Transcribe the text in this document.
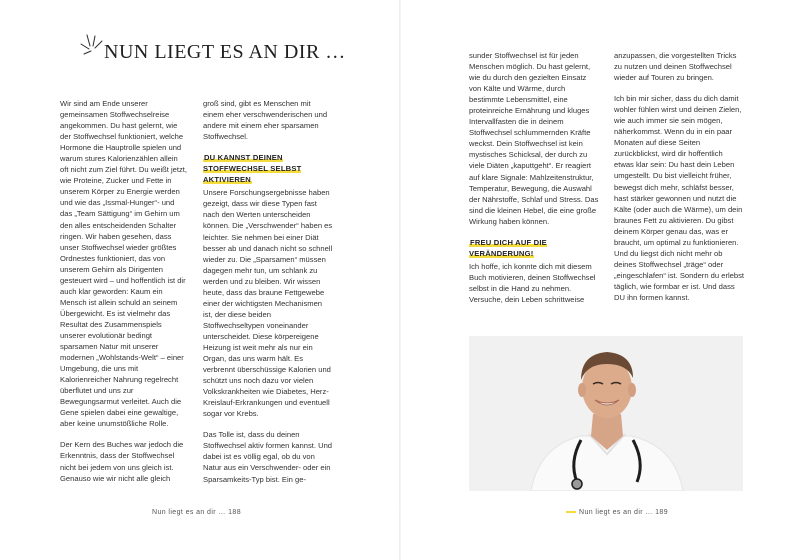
NUN LIEGT ES AN DIR …

Wir sind am Ende unserer gemeinsamen Stoffwechselreise angekommen. Du hast gelernt, wie der Stoffwechsel funktioniert, welche Hormone die Hauptrolle spielen und warum stures Kalorienzählen allein oft nicht zum Ziel führt. Du weißt jetzt, wie Proteine, Zucker und Fette in unserem Körper zu Energie werden und wie das „Issmal-Hunger“- und das „Team Sättigung“ im Gehirn um den alles entscheidenden Schalter ringen. Wir haben gesehen, dass unser Stoffwechsel wieder größtes Ordnestes funktioniert, das von unserem Gehirn als Dirigenten gesteuert wird – und hoffentlich ist dir auch klar geworden: Kaum ein Mensch ist allein schuld an seinem Übergewicht. Es ist vielmehr das Resultat des Zusammenspiels unserer evolutionär bedingt sparsamen Natur mit unserer modernen „Wohlstands-Welt“ – einer Umgebung, die uns mit Kalorienreicher Nahrung regelrecht überflutet und uns zur Bewegungsarmut verleitet. Auch die Gene spielen dabei eine gewaltige, aber keine unumstößliche Rolle.

Der Kern des Buches war jedoch die Erkenntnis, dass der Stoffwechsel nicht bei jedem von uns gleich ist. Genauso wie wir nicht alle gleich

groß sind, gibt es Menschen mit einem eher verschwenderischen und andere mit einem eher sparsamen Stoffwechsel.

DU KANNST DEINEN STOFFWECHSEL SELBST AKTIVIEREN

Unsere Forschungsergebnisse haben gezeigt, dass wir diese Typen fast nach den Werten unterscheiden können. Die „Verschwender“ haben es leichter. Sie nehmen bei einer Diät besser ab und danach nicht so schnell wieder zu. Die „Sparsamen“ müssen dagegen mehr tun, um schlank zu werden und zu bleiben. Wir wissen heute, dass das braune Fettgewebe einer der wichtigsten Mechanismen ist, der diese beiden Stoffwechseltypen voneinander unterscheidet. Diese körpereigene Heizung ist weit mehr als nur ein Organ, das uns warm hält. Es verbrennt überschüssige Kalorien und schützt uns noch dazu vor vielen Volkskrankheiten wie Diabetes, Herz-Kreislauf-Erkrankungen und eventuell sogar vor Krebs.

Das Tolle ist, dass du deinen Stoffwechsel aktiv formen kannst. Und dabei ist es völlig egal, ob du von Natur aus ein Verschwender- oder ein Sparsamkeits-Typ bist. Ein ge-

Nun liegt es an dir … 188	Nun liegt es an dir … 189

sunder Stoffwechsel ist für jeden Menschen möglich. Du hast gelernt, wie du durch den gezielten Einsatz von Kälte und Wärme, durch bestimmte Lebensmittel, eine proteinreiche Ernährung und kluges Intervallfasten die in deinem Stoffwechsel schlummernden Kräfte weckst. Dein Stoffwechsel ist kein mystisches Schicksal, der durch zu viele Diäten „kaputtgeht“. Er reagiert auf klare Signale: Mahlzeitenstruktur, Temperatur, Bewegung, die Auswahl der Nährstoffe, Schlaf und Stress. Das sind die kleinen Hebel, die eine große Wirkung haben können.

FREU DICH AUF DIE VERÄNDERUNG!

Ich hoffe, ich konnte dich mit diesem Buch motivieren, deinen Stoffwechsel selbst in die Hand zu nehmen. Versuche, dein Leben schrittweise

anzupassen, die vorgestellten Tricks zu nutzen und deinen Stoffwechsel wieder auf Touren zu bringen.

Ich bin mir sicher, dass du dich damit wohler fühlen wirst und deinen Zielen, wie auch immer sie sein mögen, näherkommst. Wenn du in ein paar Monaten auf diese Seiten zurückblickst, wird dir hoffentlich etwas klar sein: Du hast dein Leben umgestellt. Du bist vielleicht früher, bewegst dich mehr, schläfst besser, hast stärker gewonnen und nutzt die Kälte (oder auch die Wärme), um dein braunes Fett zu aktivieren. Du gibst deinem Körper genau das, was er braucht, um optimal zu funktionieren. Und du liegst dich nicht mehr ob deines Stoffwechsel „träge“ oder „eingeschlafen“ ist. Sondern du erlebst täglich, wie formbar er ist. Und dass DU ihn formen kannst.
